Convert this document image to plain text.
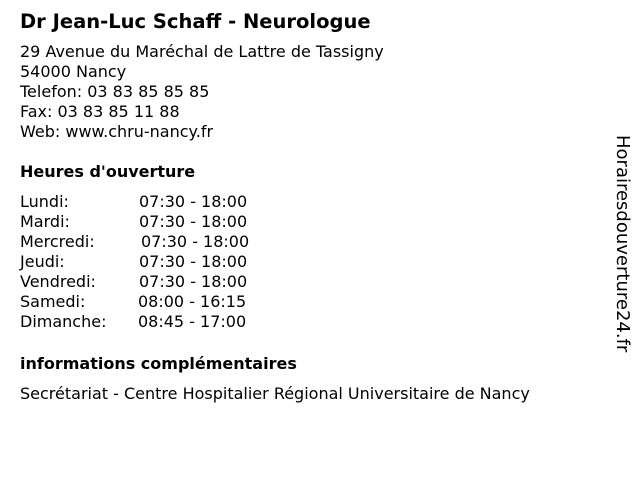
Dr Jean-Luc Schaff - Neurologue
29 Avenue du Maréchal de Lattre de Tassigny
54000 Nancy
Telefon: 03 83 85 85 85
Fax: 03 83 85 11 88
Web: www.chru-nancy.fr
Heures d'ouverture
Lundi:	07:30 - 18:00
Mardi:	07:30 - 18:00
Mercredi:	07:30 - 18:00
Jeudi:	07:30 - 18:00
Vendredi:	07:30 - 18:00
Samedi:	08:00 - 16:15
Dimanche: 08:45 - 17:00
informations complémentaires
Secrétariat - Centre Hospitalier Régional Universitaire de Nancy
Horairesdouverture24.fr
